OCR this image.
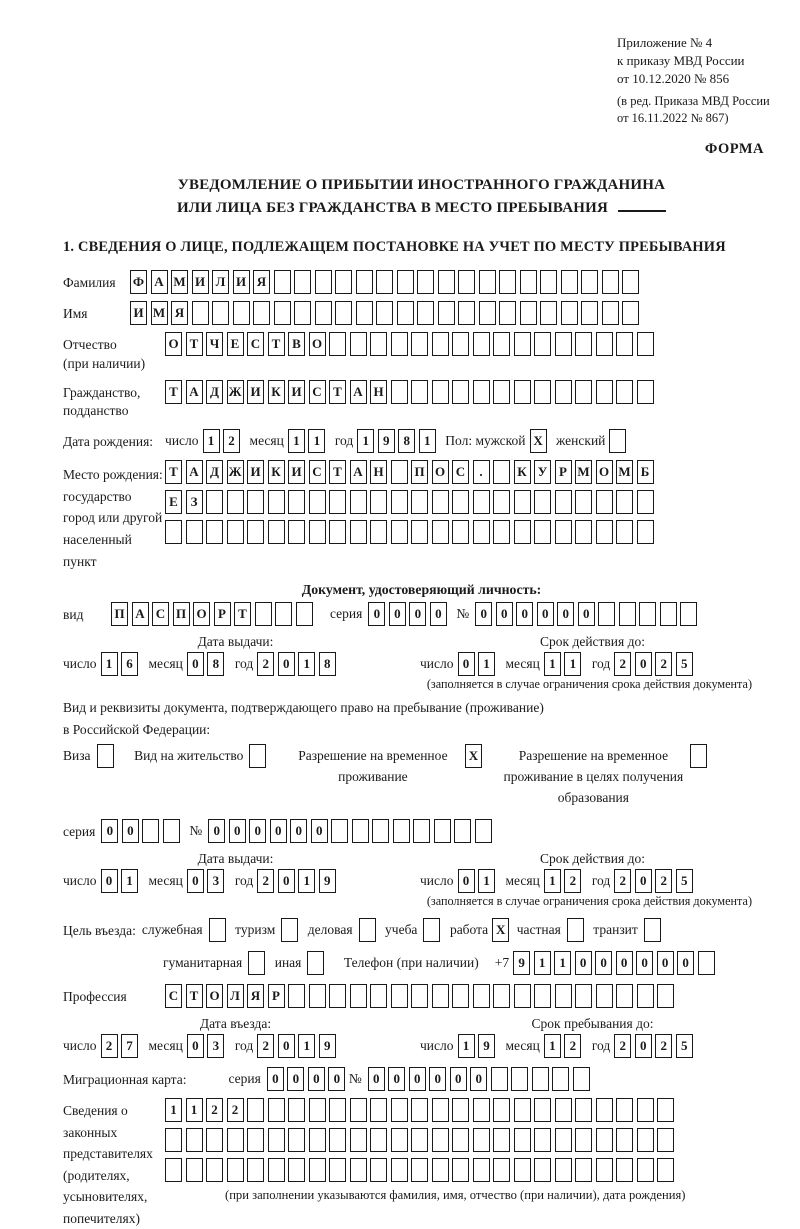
Приложение № 4
к приказу МВД России
от 10.12.2020 № 856
(в ред. Приказа МВД России
от 16.11.2022 № 867)
ФОРМА
УВЕДОМЛЕНИЕ О ПРИБЫТИИ ИНОСТРАННОГО ГРАЖДАНИНА
ИЛИ ЛИЦА БЕЗ ГРАЖДАНСТВА В МЕСТО ПРЕБЫВАНИЯ
1. СВЕДЕНИЯ О ЛИЦЕ, ПОДЛЕЖАЩЕМ ПОСТАНОВКЕ НА УЧЕТ ПО МЕСТУ ПРЕБЫВАНИЯ
Фамилия	Ф А М И Л И Я
Имя	И М Я
Отчество
(при наличии)
О Т Ч Е С Т В О
Гражданство,
подданство
Т А Д Ж И К И С Т А Н
Дата рождения: число 1	2	месяц 1	1	год 1	9	8	1	Пол: мужской X женский
Место рождения:
государство
город или другой
населенный пункт
Т А Д Ж И К И С Т А Н П О С	.	К У Р М О М Б
Е З
Документ, удостоверяющий личность:
вид	П А С П О Р Т	серия 0	0	0	0	№ 0	0	0	0	0	0
Дата выдачи:	Срок действия до:
число 1	6	месяц 0	8	год 2	0	1	8	число 0	1	месяц 1	1	год 2	0	2	5
(заполняется в случае ограничения срока действия документа)
Вид и реквизиты документа, подтверждающего право на пребывание (проживание)
в Российской Федерации:
Виза	Вид на жительство	Разрешение на временное проживание
X	Разрешение на временное проживание в целях получения образования
серия 0	0	№ 0	0	0	0	0	0
Дата выдачи:	Срок действия до:
число 0	1	месяц 0	3	год 2	0	1	9	число 0	1	месяц 1	2	год 2	0	2	5
(заполняется в случае ограничения срока действия документа)
Цель въезда: служебная туризм деловая учеба работа X частная транзит
гуманитарная иная	Телефон (при наличии) +7 9	1	1	0	0	0	0	0	0
Профессия	С Т О Л Я Р
Дата въезда:	Срок пребывания до:
число 2	7	месяц 0	3	год 2	0	1	9	число 1	9	месяц 1	2	год 2	0	2	5
Миграционная карта:	серия 0	0	0	0 № 0	0	0	0	0	0
Сведения о
законных
представителях
(родителях,
усыновителях,
попечителях)
1	1	2	2
(при заполнении указываются фамилия, имя, отчество (при наличии), дата рождения)
